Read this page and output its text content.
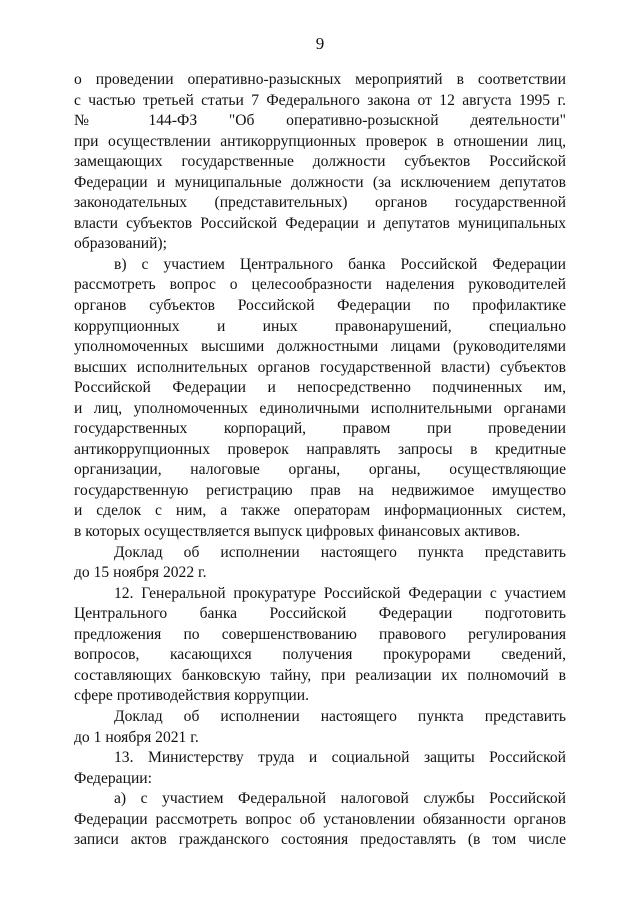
9

о проведении оперативно-разыскных мероприятий в соответствии
с частью третьей статьи 7 Федерального закона от 12 августа 1995 г.
№ 144-ФЗ "Об оперативно-розыскной деятельности"
при осуществлении антикоррупционных проверок в отношении лиц,
замещающих государственные должности субъектов Российской
Федерации и муниципальные должности (за исключением депутатов
законодательных (представительных) органов государственной
власти субъектов Российской Федерации и депутатов муниципальных
образований);

в) с участием Центрального банка Российской Федерации
рассмотреть вопрос о целесообразности наделения руководителей
органов субъектов Российской Федерации по профилактике
коррупционных и иных правонарушений, специально
уполномоченных высшими должностными лицами (руководителями
высших исполнительных органов государственной власти) субъектов
Российской Федерации и непосредственно подчиненных им,
и лиц, уполномоченных единоличными исполнительными органами
государственных корпораций, правом при проведении
антикоррупционных проверок направлять запросы в кредитные
организации, налоговые органы, органы, осуществляющие
государственную регистрацию прав на недвижимое имущество
и сделок с ним, а также операторам информационных систем,
в которых осуществляется выпуск цифровых финансовых активов.

Доклад об исполнении настоящего пункта представить
до 15 ноября 2022 г.

12. Генеральной прокуратуре Российской Федерации с участием
Центрального банка Российской Федерации подготовить
предложения по совершенствованию правового регулирования
вопросов, касающихся получения прокурорами сведений,
составляющих банковскую тайну, при реализации их полномочий в
сфере противодействия коррупции.

Доклад об исполнении настоящего пункта представить
до 1 ноября 2021 г.

13. Министерству труда и социальной защиты Российской
Федерации:

а) с участием Федеральной налоговой службы Российской
Федерации рассмотреть вопрос об установлении обязанности органов
записи актов гражданского состояния предоставлять (в том числе
